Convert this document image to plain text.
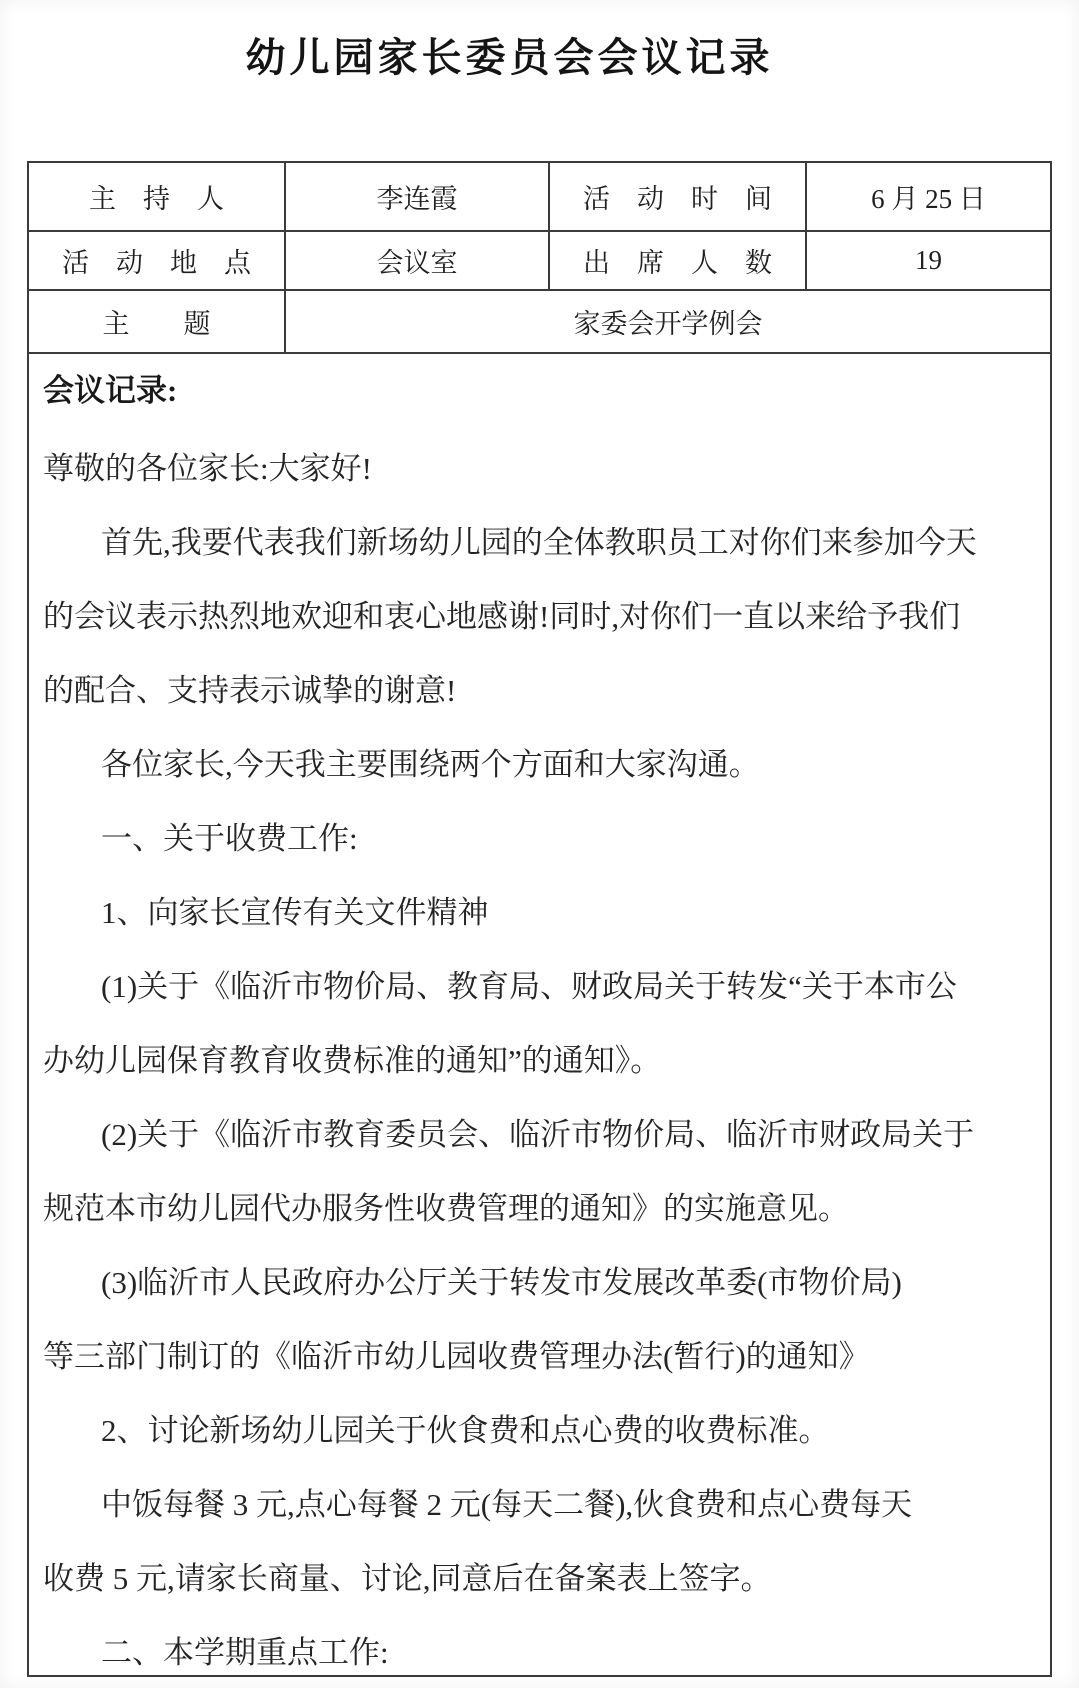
幼儿园家长委员会会议记录
主　持　人	李连霞	活　动　时　间	6 月 25 日
活　动　地　点	会议室	出　席　人　数	19
主　　题	家委会开学例会
会议记录:
尊敬的各位家长:大家好!
首先,我要代表我们新场幼儿园的全体教职员工对你们来参加今天
的会议表示热烈地欢迎和衷心地感谢!同时,对你们一直以来给予我们
的配合、支持表示诚挚的谢意!
各位家长,今天我主要围绕两个方面和大家沟通。
一、关于收费工作:
1、向家长宣传有关文件精神
(1)关于《临沂市物价局、教育局、财政局关于转发“关于本市公
办幼儿园保育教育收费标准的通知”的通知》。
(2)关于《临沂市教育委员会、临沂市物价局、临沂市财政局关于
规范本市幼儿园代办服务性收费管理的通知》的实施意见。
(3)临沂市人民政府办公厅关于转发市发展改革委(市物价局)
等三部门制订的《临沂市幼儿园收费管理办法(暂行)的通知》
2、讨论新场幼儿园关于伙食费和点心费的收费标准。
中饭每餐 3 元,点心每餐 2 元(每天二餐),伙食费和点心费每天
收费 5 元,请家长商量、讨论,同意后在备案表上签字。
二、本学期重点工作:
